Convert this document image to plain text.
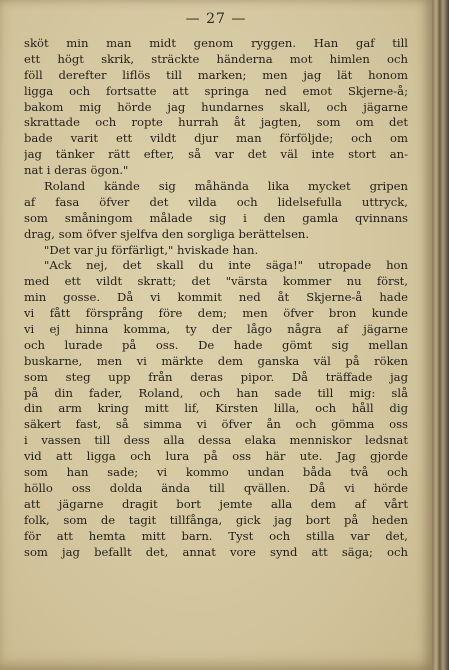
— 27 —
sköt min man midt genom ryggen. Han gaf till
ett högt skrik, sträckte händerna mot himlen och
föll derefter liflös till marken; men jag lät honom
ligga och fortsatte att springa ned emot Skjerne-å;
bakom mig hörde jag hundarnes skall, och jägarne
skrattade och ropte hurrah åt jagten, som om det
bade varit ett vildt djur man förföljde; och om
jag tänker rätt efter, så var det väl inte stort an-
nat i deras ögon."
Roland kände sig måhända lika mycket gripen
af fasa öfver det vilda och lidelsefulla uttryck,
som småningom målade sig i den gamla qvinnans
drag, som öfver sjelfva den sorgliga berättelsen.
"Det var ju förfärligt," hviskade han.
"Ack nej, det skall du inte säga!" utropade hon
med ett vildt skratt; det "värsta kommer nu först,
min gosse. Då vi kommit ned åt Skjerne-å hade
vi fått försprång före dem; men öfver bron kunde
vi ej hinna komma, ty der lågo några af jägarne
och lurade på oss. De hade gömt sig mellan
buskarne, men vi märkte dem ganska väl på röken
som steg upp från deras pipor. Då träffade jag
på din fader, Roland, och han sade till mig: slå
din arm kring mitt lif, Kirsten lilla, och håll dig
säkert fast, så simma vi öfver ån och gömma oss
i vassen till dess alla dessa elaka menniskor ledsnat
vid att ligga och lura på oss här ute. Jag gjorde
som han sade; vi kommo undan båda två och
höllo oss dolda ända till qvällen. Då vi hörde
att jägarne dragit bort jemte alla dem af vårt
folk, som de tagit tillfånga, gick jag bort på heden
för att hemta mitt barn. Tyst och stilla var det,
som jag befallt det, annat vore synd att säga; och
